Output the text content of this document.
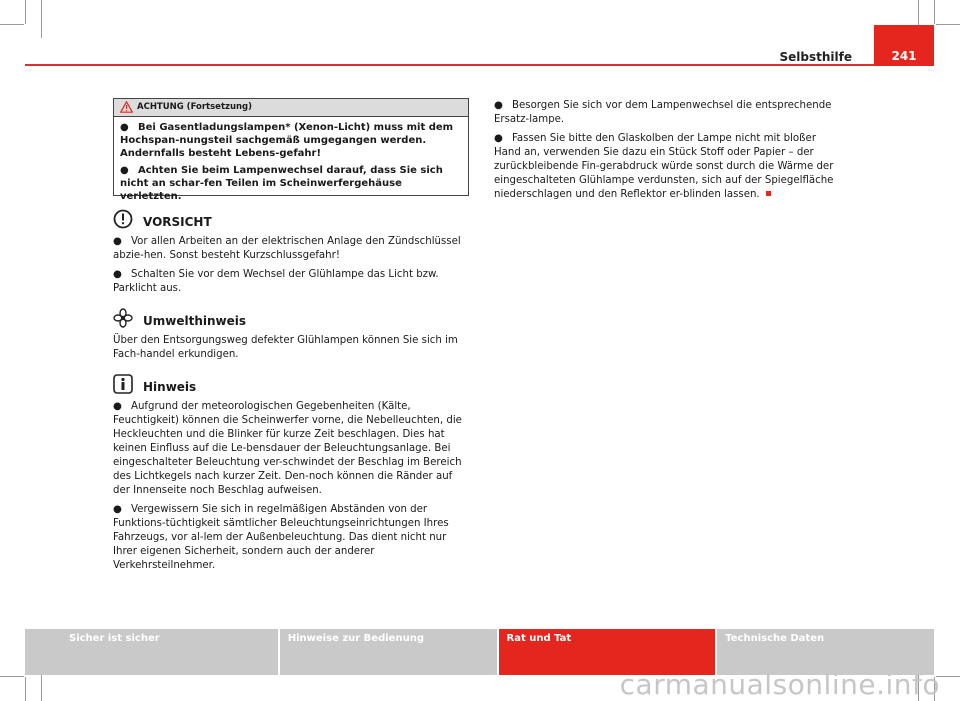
Selbsthilfe	241
ACHTUNG (Fortsetzung)

● Bei Gasentladungslampen* (Xenon-Licht) muss mit dem Hochspan-nungsteil sachgemäß umgegangen werden. Andernfalls besteht Lebens-gefahr!

● Achten Sie beim Lampenwechsel darauf, dass Sie sich nicht an schar-fen Teilen im Scheinwerfergehäuse verletzten.

VORSICHT

● Vor allen Arbeiten an der elektrischen Anlage den Zündschlüssel abzie-hen. Sonst besteht Kurzschlussgefahr!

● Schalten Sie vor dem Wechsel der Glühlampe das Licht bzw. Parklicht aus.

Umwelthinweis

Über den Entsorgungsweg defekter Glühlampen können Sie sich im Fach-handel erkundigen.

Hinweis

● Aufgrund der meteorologischen Gegebenheiten (Kälte, Feuchtigkeit) können die Scheinwerfer vorne, die Nebelleuchten, die Heckleuchten und die Blinker für kurze Zeit beschlagen. Dies hat keinen Einfluss auf die Le-bensdauer der Beleuchtungsanlage. Bei eingeschalteter Beleuchtung ver-schwindet der Beschlag im Bereich des Lichtkegels nach kurzer Zeit. Den-noch können die Ränder auf der Innenseite noch Beschlag aufweisen.

● Vergewissern Sie sich in regelmäßigen Abständen von der Funktions-tüchtigkeit sämtlicher Beleuchtungseinrichtungen Ihres Fahrzeugs, vor al-lem der Außenbeleuchtung. Das dient nicht nur Ihrer eigenen Sicherheit, sondern auch der anderer Verkehrsteilnehmer.

● Besorgen Sie sich vor dem Lampenwechsel die entsprechende Ersatz-lampe.

● Fassen Sie bitte den Glaskolben der Lampe nicht mit bloßer Hand an, verwenden Sie dazu ein Stück Stoff oder Papier – der zurückbleibende Fin-gerabdruck würde sonst durch die Wärme der eingeschalteten Glühlampe verdunsten, sich auf der Spiegelfläche niederschlagen und den Reflektor er-blinden lassen.

Sicher ist sicher	Hinweise zur Bedienung	Rat und Tat	Technische Daten
carmanualsonline.info
